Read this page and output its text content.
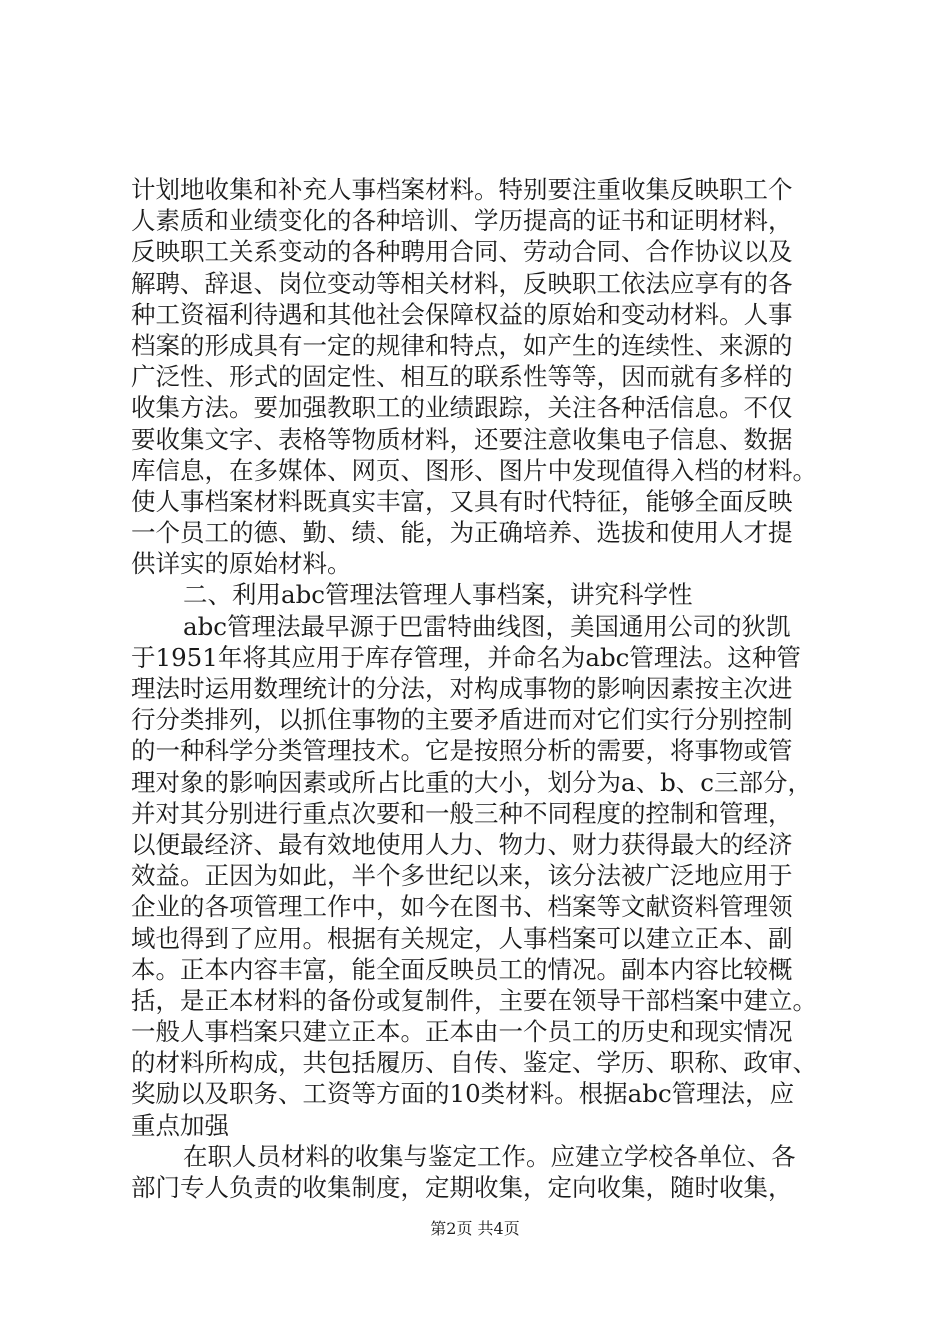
计划地收集和补充人事档案材料。特别要注重收集反映职工个
人素质和业绩变化的各种培训、学历提高的证书和证明材料，
反映职工关系变动的各种聘用合同、劳动合同、合作协议以及
解聘、辞退、岗位变动等相关材料，反映职工依法应享有的各
种工资福利待遇和其他社会保障权益的原始和变动材料。人事
档案的形成具有一定的规律和特点，如产生的连续性、来源的
广泛性、形式的固定性、相互的联系性等等，因而就有多样的
收集方法。要加强教职工的业绩跟踪，关注各种活信息。不仅
要收集文字、表格等物质材料，还要注意收集电子信息、数据
库信息，在多媒体、网页、图形、图片中发现值得入档的材料。
使人事档案材料既真实丰富，又具有时代特征，能够全面反映
一个员工的德、勤、绩、能，为正确培养、选拔和使用人才提
供详实的原始材料。
二、利用abc管理法管理人事档案，讲究科学性
abc管理法最早源于巴雷特曲线图，美国通用公司的狄凯
于1951年将其应用于库存管理，并命名为abc管理法。这种管
理法时运用数理统计的分法，对构成事物的影响因素按主次进
行分类排列，以抓住事物的主要矛盾进而对它们实行分别控制
的一种科学分类管理技术。它是按照分析的需要，将事物或管
理对象的影响因素或所占比重的大小，划分为a、b、c三部分，
并对其分别进行重点次要和一般三种不同程度的控制和管理，
以便最经济、最有效地使用人力、物力、财力获得最大的经济
效益。正因为如此，半个多世纪以来，该分法被广泛地应用于
企业的各项管理工作中，如今在图书、档案等文献资料管理领
域也得到了应用。根据有关规定，人事档案可以建立正本、副
本。正本内容丰富，能全面反映员工的情况。副本内容比较概
括，是正本材料的备份或复制件，主要在领导干部档案中建立。
一般人事档案只建立正本。正本由一个员工的历史和现实情况
的材料所构成，共包括履历、自传、鉴定、学历、职称、政审、
奖励以及职务、工资等方面的10类材料。根据abc管理法，应
重点加强
在职人员材料的收集与鉴定工作。应建立学校各单位、各
部门专人负责的收集制度，定期收集，定向收集，随时收集，
第2页 共4页
